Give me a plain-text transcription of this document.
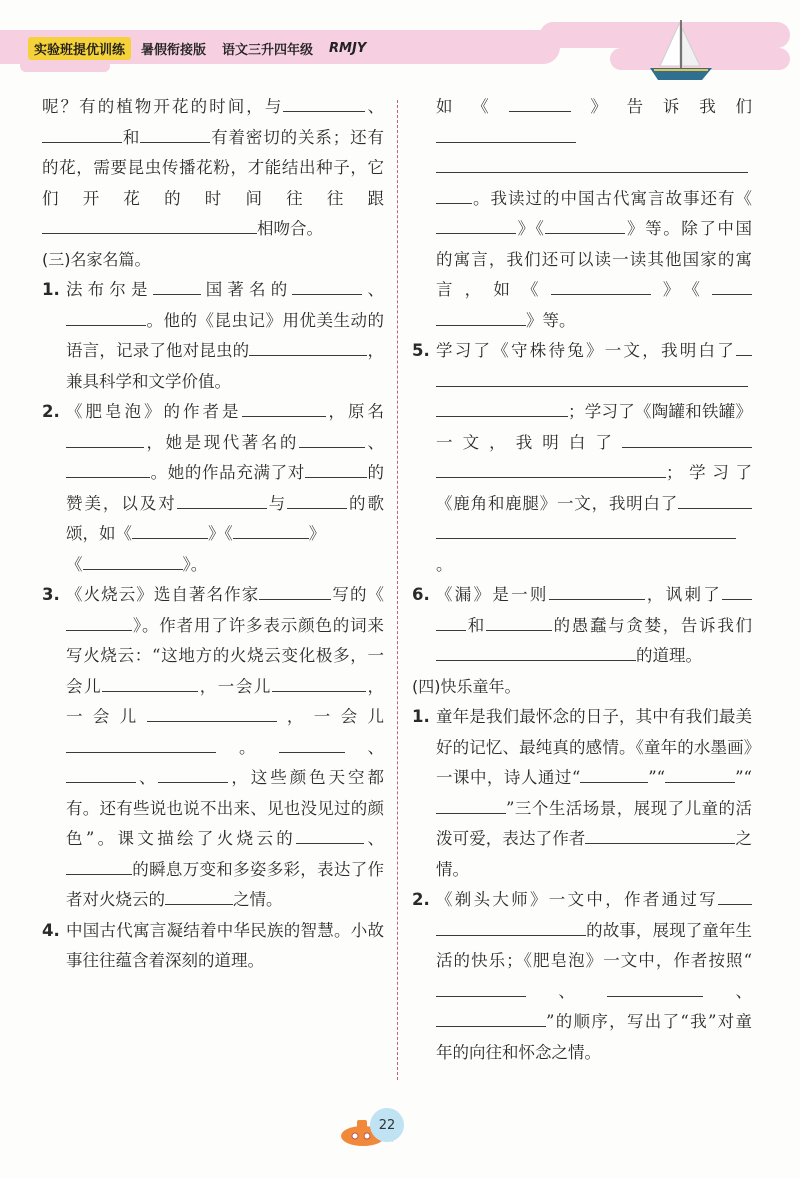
实验班提优训练	暑假衔接版 语文三升四年级 RMJY

呢？有的植物开花的时间，与	、和	有着密切的关系；还有的花，需要昆虫传播花粉，才能结出种子，它们开花的时间往往跟相吻合。

(三)名家名篇。
1. 法布尔是	国著名的	、。他的《昆虫记》用优美生动的语言，记录了他对昆虫的	，兼具科学和文学价值。

2. 《肥皂泡》的作者是	，原名，她是现代著名的	、。她的作品充满了对	的赞美，以及对	与	的歌颂，如《	》《	》
《	》。

3. 《火烧云》选自著名作家	写的《》。作者用了许多表示颜色的词来写火烧云：“这地方的火烧云变化极多，一会儿	，一会儿	，一会儿	，一会儿。	、、	，这些颜色天空都有。还有些说也说不出来、见也没见过的颜色”。课文描绘了火烧云的	、的瞬息万变和多姿多彩，表达了作者对火烧云的	之情。

4. 中国古代寓言凝结着中华民族的智慧。小故事往往蕴含着深刻的道理。

如《	》告诉我们。我读过的中国古代寓言故事还有《》《	》等。除了中国的寓言，我们还可以读一读其他国家的寓言，如《	》《》等。

5. 学习了《守株待兔》一文，我明白了；学习了《陶罐和铁罐》一文，我明白了；学习了《鹿角和鹿腿》一文，我明白了。

6. 《漏》是一则	，讽刺了和	的愚蠢与贪婪，告诉我们的道理。

(四)快乐童年。
1. 童年是我们最怀念的日子，其中有我们最美好的记忆、最纯真的感情。《童年的水墨画》一课中，诗人通过“	”“	”“”三个生活场景，展现了儿童的活泼可爱，表达了作者	之情。

2. 《剃头大师》一文中，作者通过写的故事，展现了童年生活的快乐；《肥皂泡》一文中，作者按照“、	、”的顺序，写出了“我”对童年的向往和怀念之情。

22
